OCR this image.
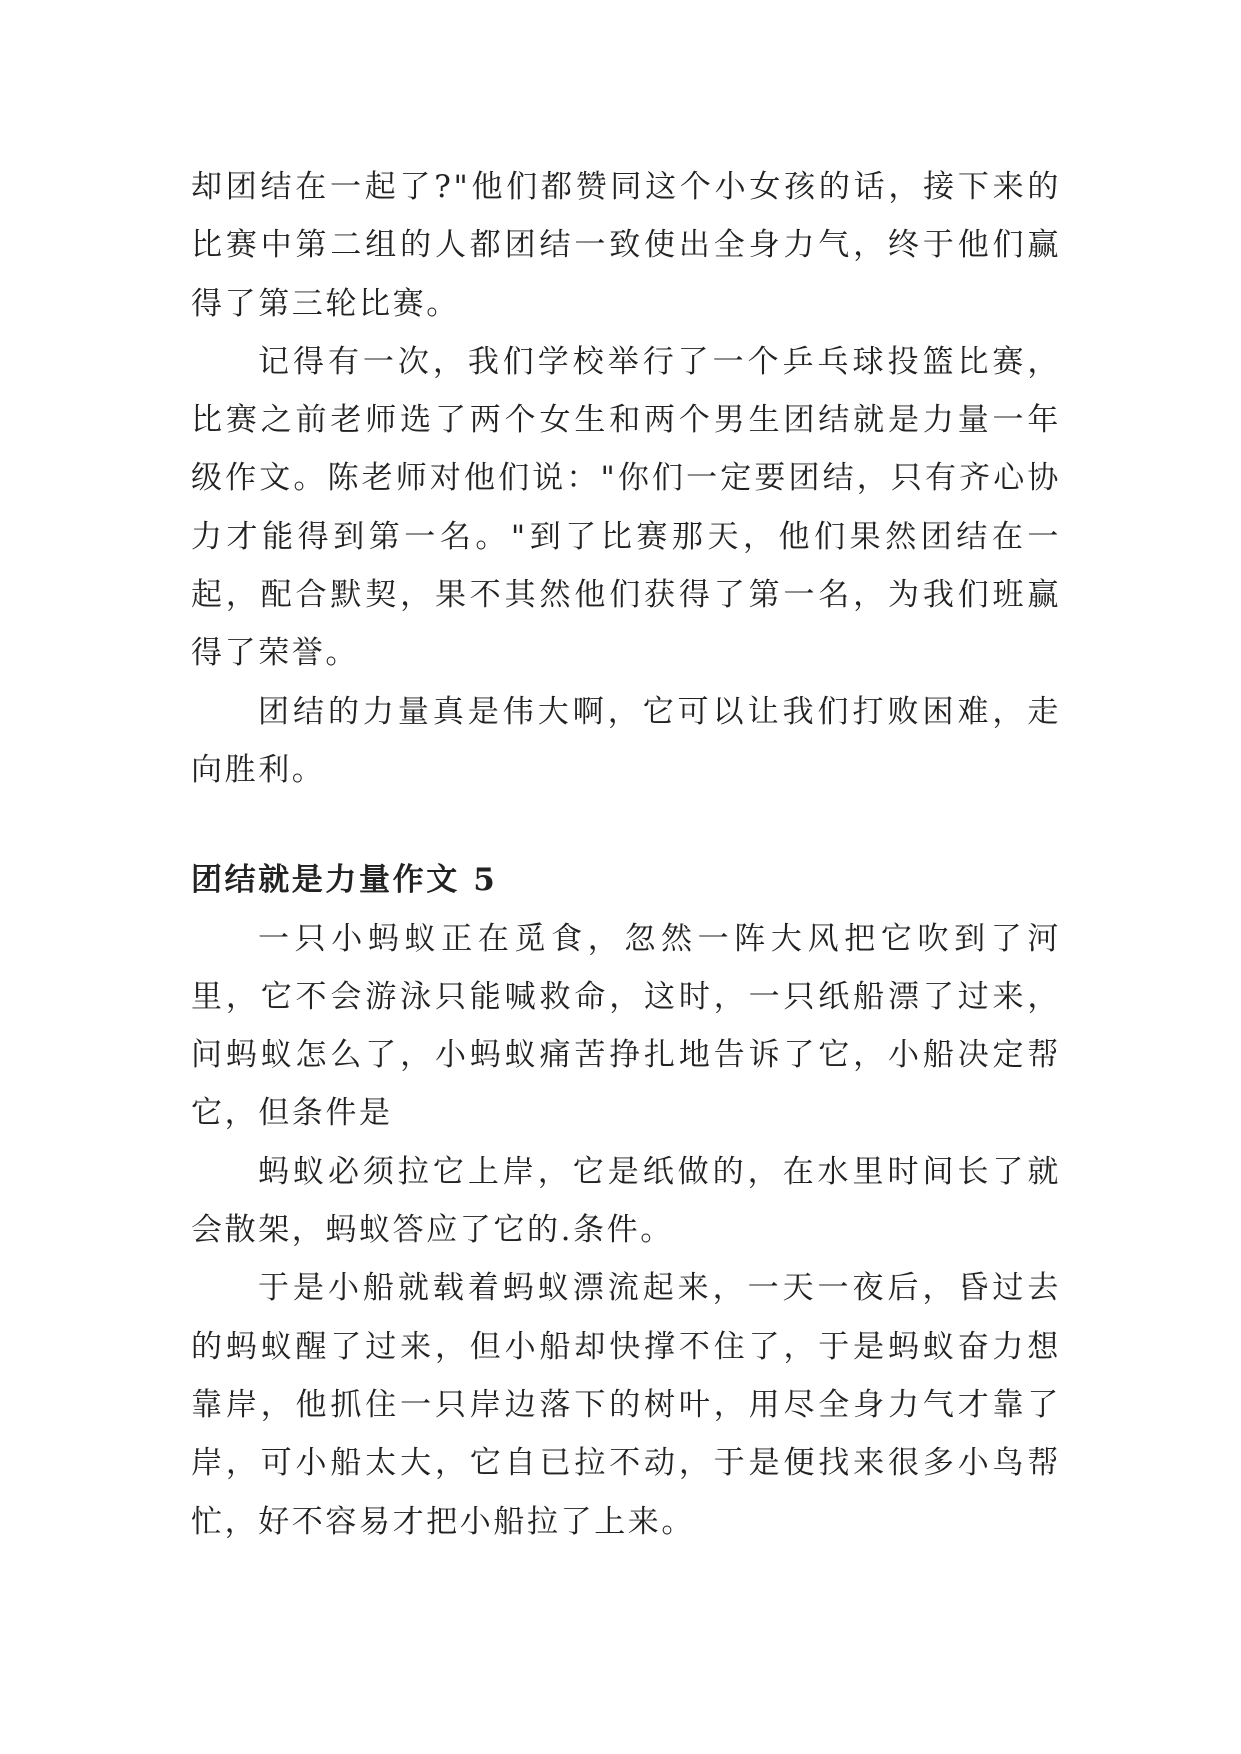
却团结在一起了?"他们都赞同这个小女孩的话，接下来的比赛中第二组的人都团结一致使出全身力气，终于他们赢得了第三轮比赛。

记得有一次，我们学校举行了一个乒乓球投篮比赛，比赛之前老师选了两个女生和两个男生团结就是力量一年级作文。陈老师对他们说："你们一定要团结，只有齐心协力才能得到第一名。"到了比赛那天，他们果然团结在一起，配合默契，果不其然他们获得了第一名，为我们班赢得了荣誉。

团结的力量真是伟大啊，它可以让我们打败困难，走向胜利。

团结就是力量作文 5

一只小蚂蚁正在觅食，忽然一阵大风把它吹到了河里，它不会游泳只能喊救命，这时，一只纸船漂了过来，问蚂蚁怎么了，小蚂蚁痛苦挣扎地告诉了它，小船决定帮它，但条件是

蚂蚁必须拉它上岸，它是纸做的，在水里时间长了就会散架，蚂蚁答应了它的.条件。

于是小船就载着蚂蚁漂流起来，一天一夜后，昏过去的蚂蚁醒了过来，但小船却快撑不住了，于是蚂蚁奋力想靠岸，他抓住一只岸边落下的树叶，用尽全身力气才靠了岸，可小船太大，它自已拉不动，于是便找来很多小鸟帮忙，好不容易才把小船拉了上来。
